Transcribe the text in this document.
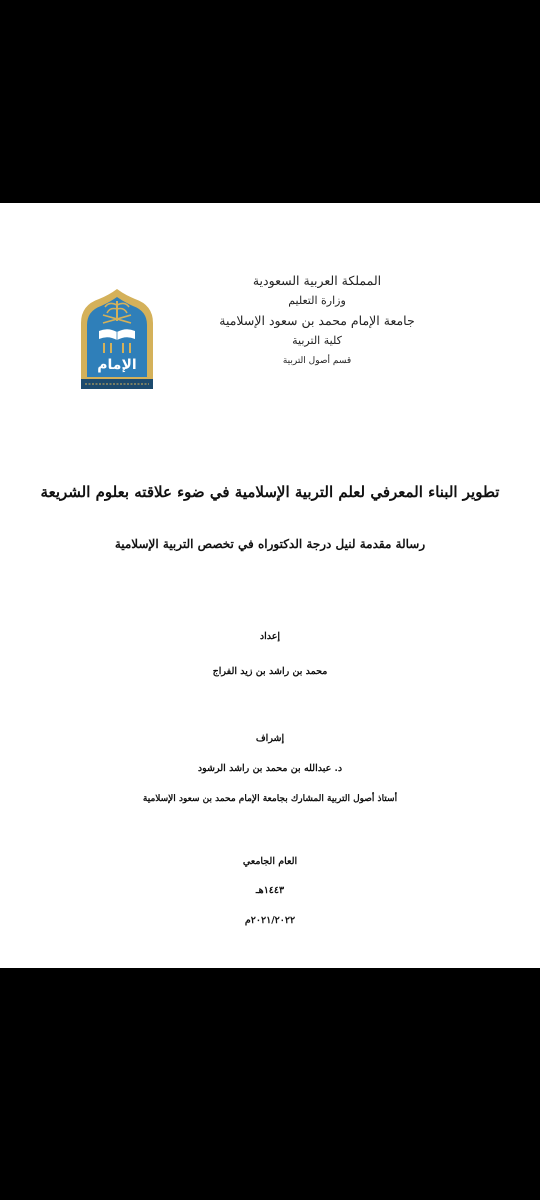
المملكة العربية السعودية
وزارة التعليم
جامعة الإمام محمد بن سعود الإسلامية
كلية التربية
قسم أصول التربية
الإمام
تطوير البناء المعرفي لعلم التربية الإسلامية في ضوء علاقته بعلوم الشريعة
رسالة مقدمة لنيل درجة الدكتوراه في تخصص التربية الإسلامية
إعداد
محمد بن راشد بن زيد الفراج
إشراف
د. عبدالله بن محمد بن راشد الرشود
أستاذ أصول التربية المشارك بجامعة الإمام محمد بن سعود الإسلامية
العام الجامعي
١٤٤٣هـ
٢٠٢١/٢٠٢٢م
